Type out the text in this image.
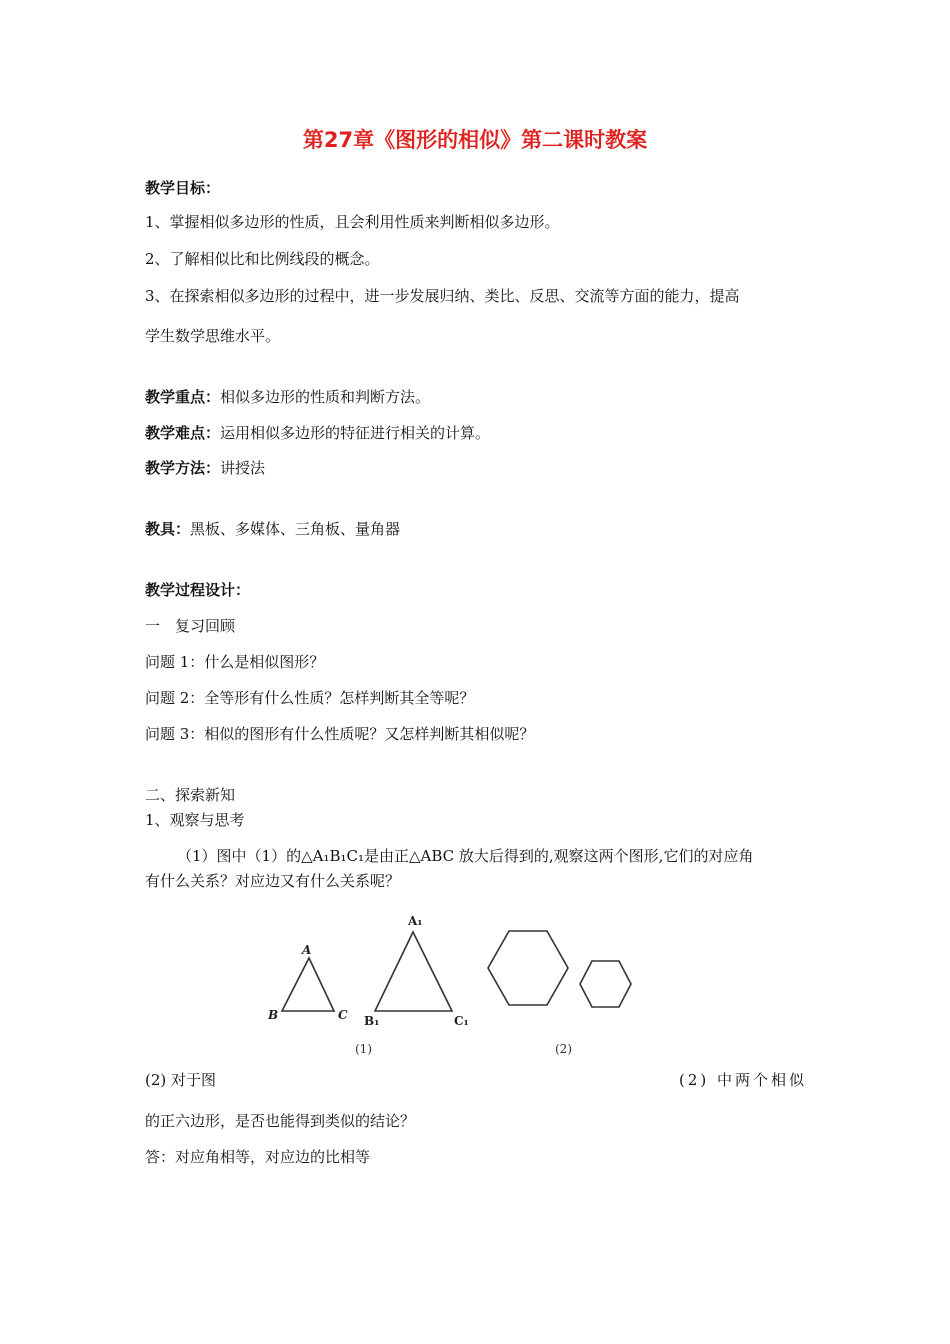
第27章《图形的相似》第二课时教案
教学目标：
1、掌握相似多边形的性质，且会利用性质来判断相似多边形。
2、了解相似比和比例线段的概念。
3、在探索相似多边形的过程中，进一步发展归纳、类比、反思、交流等方面的能力，提高
学生数学思维水平。
教学重点：相似多边形的性质和判断方法。
教学难点：运用相似多边形的特征进行相关的计算。
教学方法：讲授法
教具：黑板、多媒体、三角板、量角器
教学过程设计：
一　复习回顾
问题 1：什么是相似图形？
问题 2：全等形有什么性质？怎样判断其全等呢？
问题 3：相似的图形有什么性质呢？又怎样判断其相似呢？
二、探索新知
1、观察与思考
（1）图中（1）的△A₁B₁C₁是由正△ABC 放大后得到的,观察这两个图形,它们的对应角
有什么关系？对应边又有什么关系呢？
A
B	C
A₁
B₁	C₁
(1)	(2)
(2) 对于图	(2) 中两个相似
的正六边形，是否也能得到类似的结论？
答：对应角相等，对应边的比相等
